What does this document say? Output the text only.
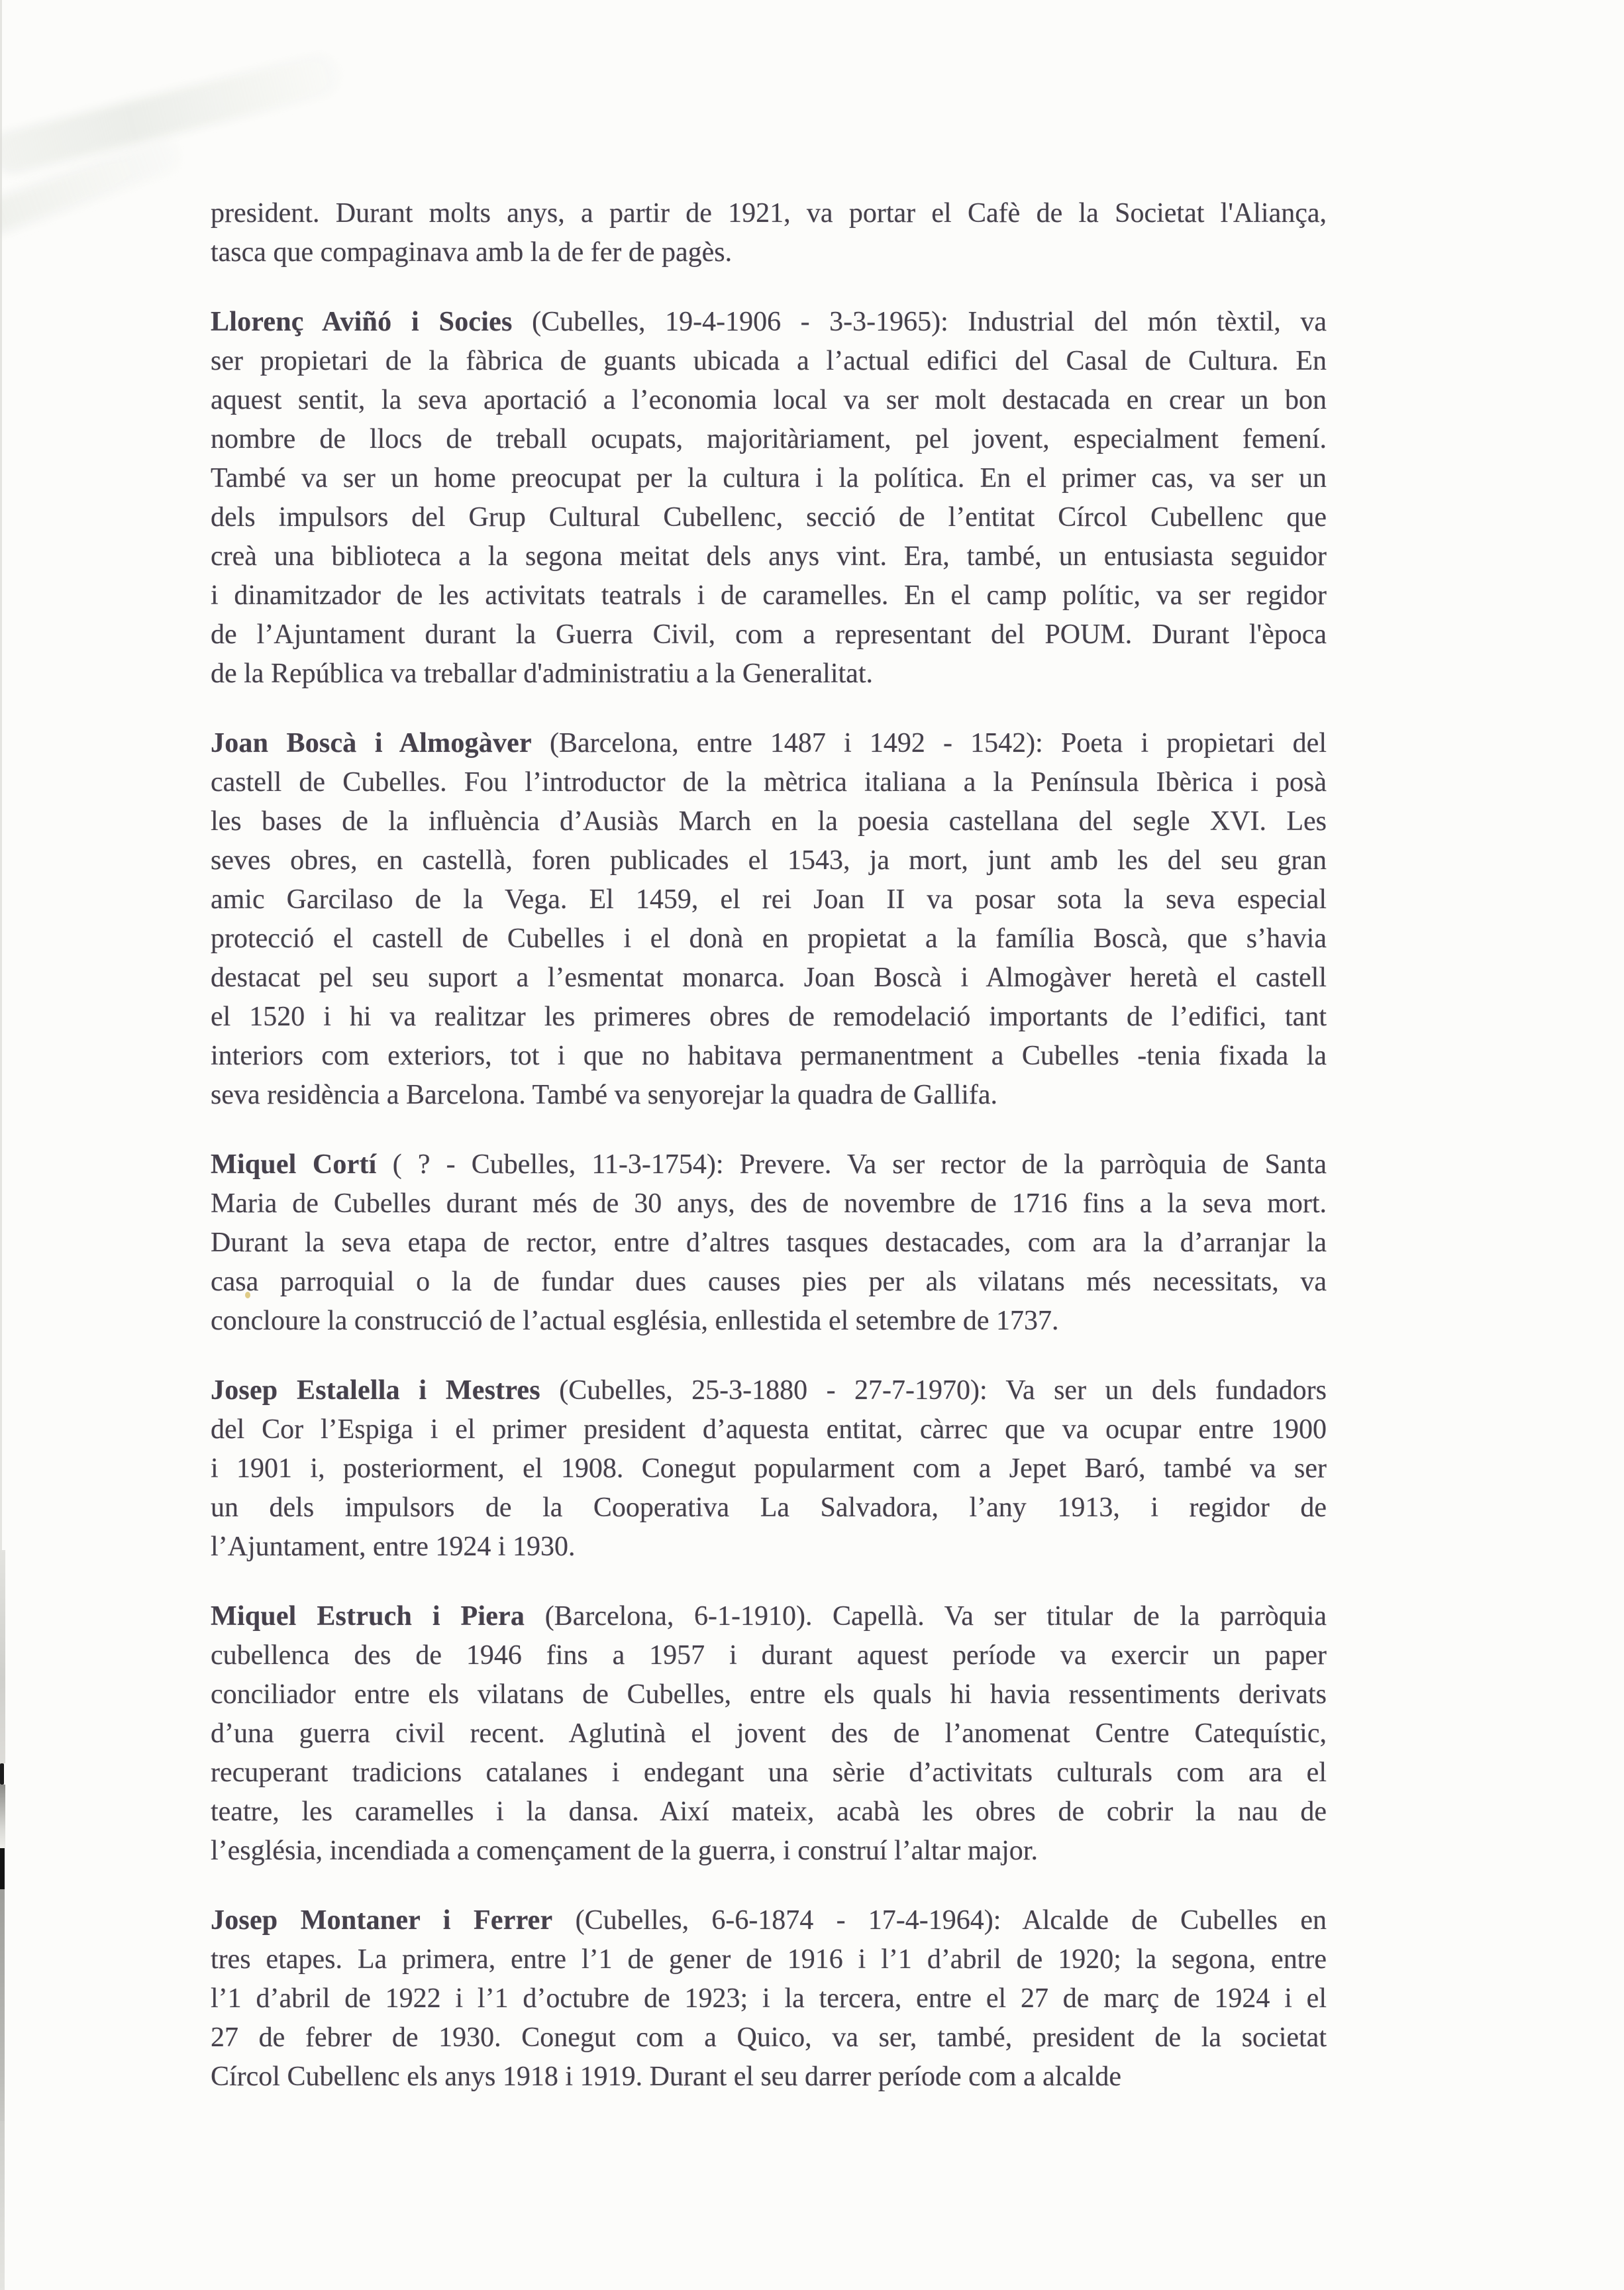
president. Durant molts anys, a partir de 1921, va portar el Cafè de la Societat l'Aliança,
tasca que compaginava amb la de fer de pagès.
Llorenç Aviñó i Socies (Cubelles, 19-4-1906 - 3-3-1965): Industrial del món tèxtil, va
ser propietari de la fàbrica de guants ubicada a l’actual edifici del Casal de Cultura. En
aquest sentit, la seva aportació a l’economia local va ser molt destacada en crear un bon
nombre de llocs de treball ocupats, majoritàriament, pel jovent, especialment femení.
També va ser un home preocupat per la cultura i la política. En el primer cas, va ser un
dels impulsors del Grup Cultural Cubellenc, secció de l’entitat Círcol Cubellenc que
creà una biblioteca a la segona meitat dels anys vint. Era, també, un entusiasta seguidor
i dinamitzador de les activitats teatrals i de caramelles. En el camp polític, va ser regidor
de l’Ajuntament durant la Guerra Civil, com a representant del POUM. Durant l'època
de la República va treballar d'administratiu a la Generalitat.
Joan Boscà i Almogàver (Barcelona, entre 1487 i 1492 - 1542): Poeta i propietari del
castell de Cubelles. Fou l’introductor de la mètrica italiana a la Península Ibèrica i posà
les bases de la influència d’Ausiàs March en la poesia castellana del segle XVI. Les
seves obres, en castellà, foren publicades el 1543, ja mort, junt amb les del seu gran
amic Garcilaso de la Vega. El 1459, el rei Joan II va posar sota la seva especial
protecció el castell de Cubelles i el donà en propietat a la família Boscà, que s’havia
destacat pel seu suport a l’esmentat monarca. Joan Boscà i Almogàver heretà el castell
el 1520 i hi va realitzar les primeres obres de remodelació importants de l’edifici, tant
interiors com exteriors, tot i que no habitava permanentment a Cubelles -tenia fixada la
seva residència a Barcelona. També va senyorejar la quadra de Gallifa.
Miquel Cortí ( ? - Cubelles, 11-3-1754): Prevere. Va ser rector de la parròquia de Santa
Maria de Cubelles durant més de 30 anys, des de novembre de 1716 fins a la seva mort.
Durant la seva etapa de rector, entre d’altres tasques destacades, com ara la d’arranjar la
casa parroquial o la de fundar dues causes pies per als vilatans més necessitats, va
concloure la construcció de l’actual església, enllestida el setembre de 1737.
Josep Estalella i Mestres (Cubelles, 25-3-1880 - 27-7-1970): Va ser un dels fundadors
del Cor l’Espiga i el primer president d’aquesta entitat, càrrec que va ocupar entre 1900
i 1901 i, posteriorment, el 1908. Conegut popularment com a Jepet Baró, també va ser
un dels impulsors de la Cooperativa La Salvadora, l’any 1913, i regidor de
l’Ajuntament, entre 1924 i 1930.
Miquel Estruch i Piera (Barcelona, 6-1-1910). Capellà. Va ser titular de la parròquia
cubellenca des de 1946 fins a 1957 i durant aquest període va exercir un paper
conciliador entre els vilatans de Cubelles, entre els quals hi havia ressentiments derivats
d’una guerra civil recent. Aglutinà el jovent des de l’anomenat Centre Catequístic,
recuperant tradicions catalanes i endegant una sèrie d’activitats culturals com ara el
teatre, les caramelles i la dansa. Així mateix, acabà les obres de cobrir la nau de
l’església, incendiada a començament de la guerra, i construí l’altar major.
Josep Montaner i Ferrer (Cubelles, 6-6-1874 - 17-4-1964): Alcalde de Cubelles en
tres etapes. La primera, entre l’1 de gener de 1916 i l’1 d’abril de 1920; la segona, entre
l’1 d’abril de 1922 i l’1 d’octubre de 1923; i la tercera, entre el 27 de març de 1924 i el
27 de febrer de 1930. Conegut com a Quico, va ser, també, president de la societat
Círcol Cubellenc els anys 1918 i 1919. Durant el seu darrer període com a alcalde
